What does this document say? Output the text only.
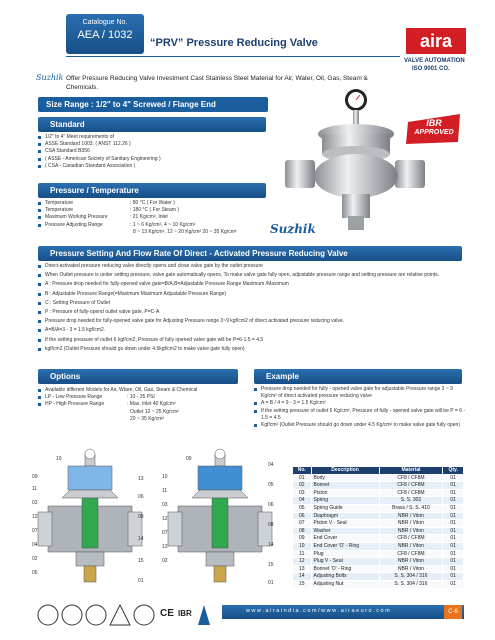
Catalogue No.
AEA / 1032
“PRV” Pressure Reducing Valve	aira
VALVE AUTOMATION
ISO 9001 CO.
Suzhik Offer Pressure Reducing Valve Investment Cast Stainless Steel Material for Air, Water, Oil, Gas, Steam & Chemicals.
Size Range : 1/2" to 4" Screwed / Flange End
Standard
1/2" to 4" Meet requirements of
ASSE Standard 1003. ( ANST 112.26 )
CSA Standard B356
( ASSE - American Society of Sanitary Engineering )
( CSA - Canadian Standard Association )
Pressure / Temperature
Temperature	: 80 °C ( For Water )
Temperature	: 180 °C ( For Steam )
Maximum Working Pressure	: 21 Kg/cm², Inlet
Pressure Adjusting Range	: 1 ~ 6 Kg/cm², 4 ~ 10 Kg/cm²
8 ~ 13 Kg/cm², 12 ~ 20 Kg/cm² 20 ~ 35 Kg/cm²
IBR
APPROVED
Suzhik
Pressure Setting And Flow Rate Of Direct - Activated Pressure Reducing Valve
Direct-activated pressure reducing valve directly opens and close valve gate by the outlet pressure
When Outlet pressure is under setting pressure, valve gate automatically opens, To make valve gate fully open, adjustable pressure range and setting pressure are relative points.
A : Pressure drop needed for fully-opened valve gate=B/A,B=Adjustable Pressure Range Maximum /Maximum
B : Adjustable Pressure Range(=Maximum Maximum Adjustable Pressure Range)
C : Setting Pressure of Outlet
P : Pressure of fully-opend outlet valve gate, P=C-A
Pressure drop needed for fully-opened valve gate for Adjusting Pressure range 3~9 kgf/cm2 of direct activated pressure reducing valve.
A=B/A=3 - 3 = 1.5 kgf/cm2.
If the setting pressure of outlet 6 kgf/cm2, Pressure of fully opened valve gate will be P=6-1.5 = 4.5
kgf/cm2 (Outlet Pressure should go down under 4.5kgf/cm2 to make valve gate fully open)
Options
Available different Models for Air, Wtare, Oil, Gas, Steam & Chemical
LP - Low Pressure Range	: 10 - 35 PSI
HP - High Pressure Range	: Max. Inlet 40 Kg/cm²
Outlet 12 ~ 25 Kg/cm²
20 ~ 35 Kg/cm²
Example
Pressure drop needed for fully - opened valve gate for adjustable Pressure range 3 ~ 9 Kg/cm² of direct activated pressure reducing valve
A = B / 4 = 9 - 3 = 1.5 Kg/cm²
If the setting pressure of outlet 6 Kg/cm², Pressure of fully - opened valve gate will be P = 6 - 1.5 = 4.5
Kgf/cm² (Outlet Pressure should go down under 4.5 Kg/cm² to make valve gate fully open)
10
09
11
03
12
07
04
02
05
13
06
08
14
15
01
09
10
11
03
12
07
13
02
04
05
06
08
14
15
01
No.	Description	Material	Qty.
01	Body	CF8 / CF8M	01
02	Bonnet	CF8 / CF8M	01
03	Piston	CF8 / CF8M	01
04	Spring	S. S. 302	01
05	Spring Guide	Brass / S. S. 410	01
06	Diaphragm	NBR / Viton	01
07	Piston V - Seal	NBR / Viton	01
08	Washer	NBR / Viton	01
09	End Cover	CF8 / CF8M	01
10	End Cover 'O' - Ring	NBR / Viton	01
11	Plug	CF8 / CF8M	01
12	Plug V - Seal	NBR / Viton	01
13	Bonnet 'O' - Ring	NBR / Viton	01
14	Adjusting Bolts	S. S. 304 / 316	01
15	Adjusting Nut	S. S. 304 / 316	01
CE IBR	w w w . a i r a i n d i a . c o m / w w w . a i r a e u r o . c o m	C-6
